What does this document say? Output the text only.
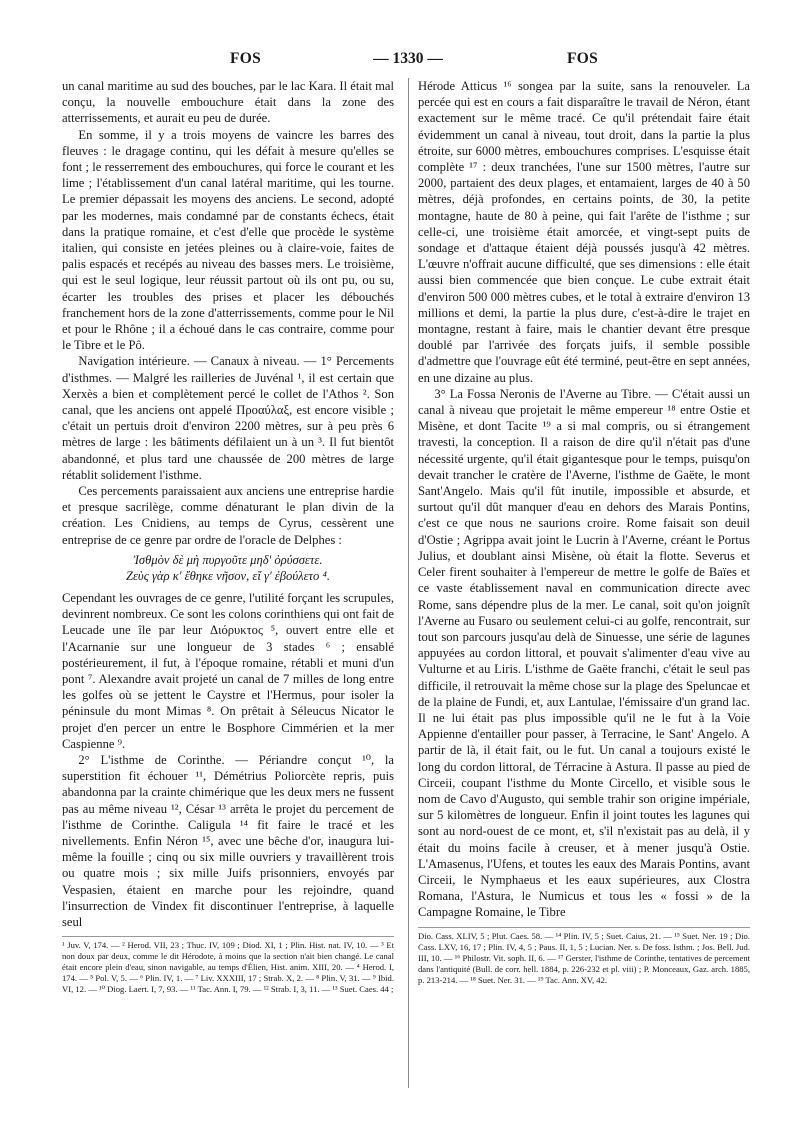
FOS	— 1330 —	FOS

un canal maritime au sud des bouches, par le lac Kara. Il était mal conçu, la nouvelle embouchure était dans la zone des atterrissements, et aurait eu peu de durée.

En somme, il y a trois moyens de vaincre les barres des fleuves : le dragage continu, qui les défait à mesure qu'elles se font ; le resserrement des embouchures, qui force le courant et les lime ; l'établissement d'un canal latéral maritime, qui les tourne. Le premier dépassait les moyens des anciens. Le second, adopté par les modernes, mais condamné par de constants échecs, était dans la pratique romaine, et c'est d'elle que procède le système italien, qui consiste en jetées pleines ou à claire-voie, faites de palis espacés et recépés au niveau des basses mers. Le troisième, qui est le seul logique, leur réussit partout où ils ont pu, ou su, écarter les troubles des prises et placer les débouchés franchement hors de la zone d'atterrissements, comme pour le Nil et pour le Rhône ; il a échoué dans le cas contraire, comme pour le Tibre et le Pô.

Navigation intérieure. — Canaux à niveau. — 1° Percements d'isthmes. — Malgré les railleries de Juvénal ¹, il est certain que Xerxès a bien et complètement percé le collet de l'Athos ². Son canal, que les anciens ont appelé Προαύλαξ, est encore visible ; c'était un pertuis droit d'environ 2200 mètres, sur à peu près 6 mètres de large : les bâtiments défilaient un à un ³. Il fut bientôt abandonné, et plus tard une chaussée de 200 mètres de large rétablit solidement l'isthme.

Ces percements paraissaient aux anciens une entreprise hardie et presque sacrilège, comme dénaturant le plan divin de la création. Les Cnidiens, au temps de Cyrus, cessèrent une entreprise de ce genre par ordre de l'oracle de Delphes :

Ἰσθμὸν δὲ μὴ πυργοῦτε μηδ' ὀρύσσετε.
Ζεὺς γὰρ κ' ἔθηκε νῆσον, εἴ γ' ἐβούλετο ⁴.

Cependant les ouvrages de ce genre, l'utilité forçant les scrupules, devinrent nombreux. Ce sont les colons corinthiens qui ont fait de Leucade une île par leur Διόρυκτος ⁵, ouvert entre elle et l'Acarnanie sur une longueur de 3 stades ⁶ ; ensablé postérieurement, il fut, à l'époque romaine, rétabli et muni d'un pont ⁷. Alexandre avait projeté un canal de 7 milles de long entre les golfes où se jettent le Caystre et l'Hermus, pour isoler la péninsule du mont Mimas ⁸. On prêtait à Séleucus Nicator le projet d'en percer un entre le Bosphore Cimmérien et la mer Caspienne ⁹.

2° L'isthme de Corinthe. — Périandre conçut ¹⁰, la superstition fit échouer ¹¹, Démétrius Poliorcète repris, puis abandonna par la crainte chimérique que les deux mers ne fussent pas au même niveau ¹², César ¹³ arrêta le projet du percement de l'isthme de Corinthe. Caligula ¹⁴ fit faire le tracé et les nivellements. Enfin Néron ¹⁵, avec une bêche d'or, inaugura lui-même la fouille ; cinq ou six mille ouvriers y travaillèrent trois ou quatre mois ; six mille Juifs prisonniers, envoyés par Vespasien, étaient en marche pour les rejoindre, quand l'insurrection de Vindex fit discontinuer l'entreprise, à laquelle seul

¹ Juv. V, 174. — ² Herod. VII, 23 ; Thuc. IV, 109 ; Diod. XI, 1 ; Plin. Hist. nat. IV, 10. — ³ Et non doux par deux, comme le dit Hérodote, à moins que la section n'ait bien changé. Le canal était encore plein d'eau, sinon navigable, au temps d'Élien, Hist. anim. XIII, 20. — ⁴ Herod. I, 174. — ⁵ Pol. V, 5. — ⁶ Plin. IV, 1. — ⁷ Liv. XXXIII, 17 ; Strab. X, 2. — ⁸ Plin. V, 31. — ⁹ Ibid. VI, 12. — ¹⁰ Diog. Laert. I, 7, 93. — ¹¹ Tac. Ann. I, 79. — ¹² Strab. I, 3, 11. — ¹³ Suet. Caes. 44 ;

Hérode Atticus ¹⁶ songea par la suite, sans la renouveler. La percée qui est en cours a fait disparaître le travail de Néron, étant exactement sur le même tracé. Ce qu'il prétendait faire était évidemment un canal à niveau, tout droit, dans la partie la plus étroite, sur 6000 mètres, embouchures comprises. L'esquisse était complète ¹⁷ : deux tranchées, l'une sur 1500 mètres, l'autre sur 2000, partaient des deux plages, et entamaient, larges de 40 à 50 mètres, déjà profondes, en certains points, de 30, la petite montagne, haute de 80 à peine, qui fait l'arête de l'isthme ; sur celle-ci, une troisième était amorcée, et vingt-sept puits de sondage et d'attaque étaient déjà poussés jusqu'à 42 mètres. L'œuvre n'offrait aucune difficulté, que ses dimensions : elle était aussi bien commencée que bien conçue. Le cube extrait était d'environ 500 000 mètres cubes, et le total à extraire d'environ 13 millions et demi, la partie la plus dure, c'est-à-dire le trajet en montagne, restant à faire, mais le chantier devant être presque doublé par l'arrivée des forçats juifs, il semble possible d'admettre que l'ouvrage eût été terminé, peut-être en sept années, en une dizaine au plus.

3° La Fossa Neronis de l'Averne au Tibre. — C'était aussi un canal à niveau que projetait le même empereur ¹⁸ entre Ostie et Misène, et dont Tacite ¹⁹ a si mal compris, ou si étrangement travesti, la conception. Il a raison de dire qu'il n'était pas d'une nécessité urgente, qu'il était gigantesque pour le temps, puisqu'on devait trancher le cratère de l'Averne, l'isthme de Gaëte, le mont Sant'Angelo. Mais qu'il fût inutile, impossible et absurde, et surtout qu'il dût manquer d'eau en dehors des Marais Pontins, c'est ce que nous ne saurions croire. Rome faisait son deuil d'Ostie ; Agrippa avait joint le Lucrin à l'Averne, créant le Portus Julius, et doublant ainsi Misène, où était la flotte. Severus et Celer firent souhaiter à l'empereur de mettre le golfe de Baïes et ce vaste établissement naval en communication directe avec Rome, sans dépendre plus de la mer. Le canal, soit qu'on joignît l'Averne au Fusaro ou seulement celui-ci au golfe, rencontrait, sur tout son parcours jusqu'au delà de Sinuesse, une série de lagunes appuyées au cordon littoral, et pouvait s'alimenter d'eau vive au Vulturne et au Liris. L'isthme de Gaëte franchi, c'était le seul pas difficile, il retrouvait la même chose sur la plage des Speluncae et de la plaine de Fundi, et, aux Lantulae, l'émissaire d'un grand lac. Il ne lui était pas plus impossible qu'il ne le fut à la Voie Appienne d'entailler pour passer, à Terracine, le Sant' Angelo. A partir de là, il était fait, ou le fut. Un canal a toujours existé le long du cordon littoral, de Térracine à Astura. Il passe au pied de Circeii, coupant l'isthme du Monte Circello, et visible sous le nom de Cavo d'Augusto, qui semble trahir son origine impériale, sur 5 kilomètres de longueur. Enfin il joint toutes les lagunes qui sont au nord-ouest de ce mont, et, s'il n'existait pas au delà, il y était du moins facile à creuser, et à mener jusqu'à Ostie. L'Amasenus, l'Ufens, et toutes les eaux des Marais Pontins, avant Circeii, le Nymphaeus et les eaux supérieures, aux Clostra Romana, l'Astura, le Numicus et tous les « fossi » de la Campagne Romaine, le Tibre

Dio. Cass. XLIV, 5 ; Plut. Caes. 58. — ¹⁴ Plin. IV, 5 ; Suet. Caius, 21. — ¹⁵ Suet. Ner. 19 ; Dio. Cass. LXV, 16, 17 ; Plin. IV, 4, 5 ; Paus. II, 1, 5 ; Lucian. Ner. s. De foss. Isthm. ; Jos. Bell. Jud. III, 10. — ¹⁶ Philostr. Vit. soph. II, 6. — ¹⁷ Gerster, l'isthme de Corinthe, tentatives de percement dans l'antiquité (Bull. de corr. hell. 1884, p. 226-232 et pl. viii) ; P. Monceaux, Gaz. arch. 1885, p. 213-214. — ¹⁸ Suet. Ner. 31. — ¹⁹ Tac. Ann. XV, 42.
